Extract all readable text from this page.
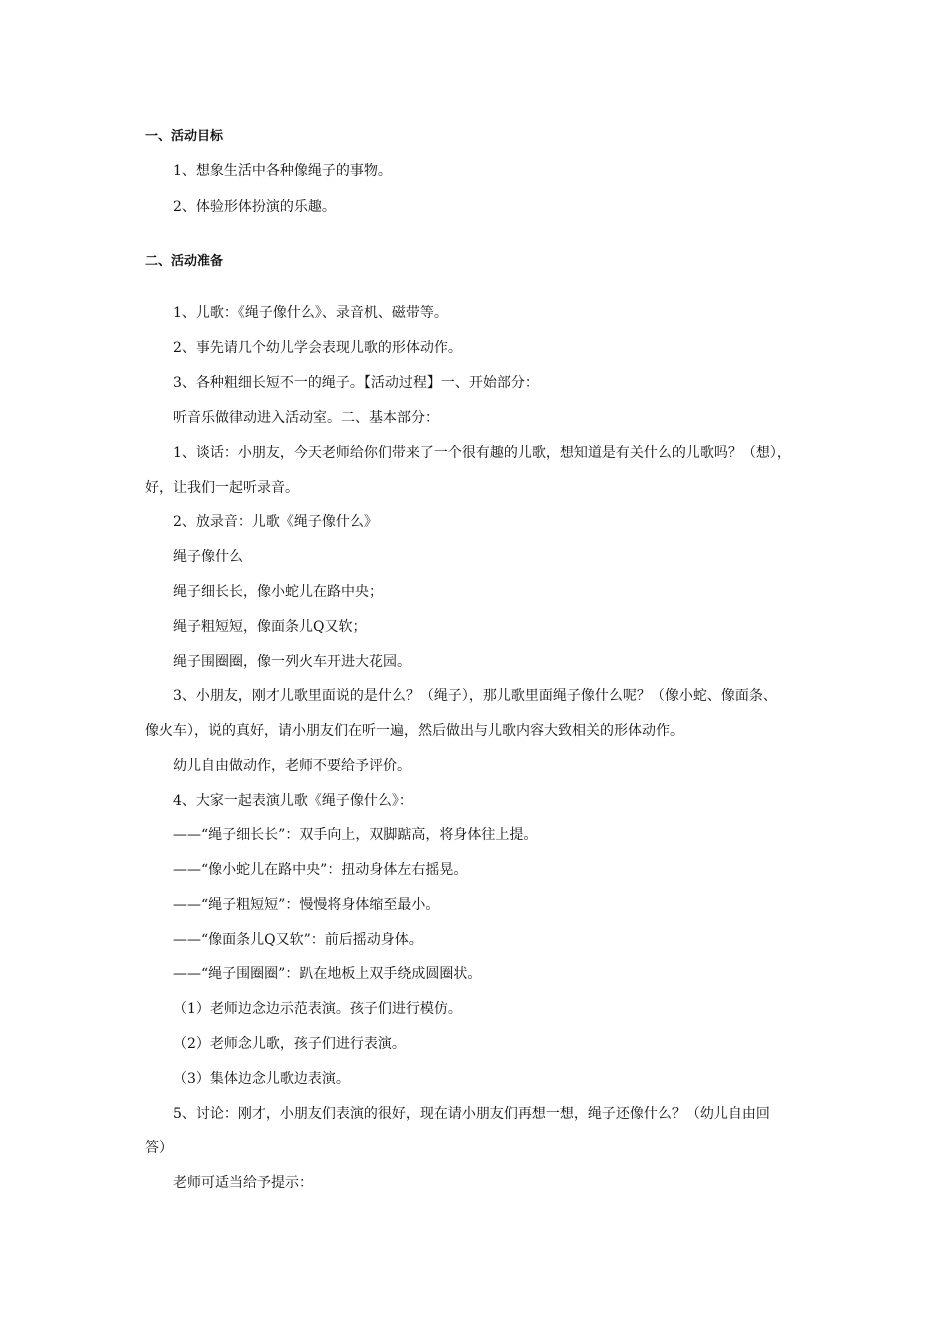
一、活动目标
1、想象生活中各种像绳子的事物。
2、体验形体扮演的乐趣。
二、活动准备
1、儿歌：《绳子像什么》、录音机、磁带等。
2、事先请几个幼儿学会表现儿歌的形体动作。
3、各种粗细长短不一的绳子。【活动过程】一、开始部分：
听音乐做律动进入活动室。二、基本部分：
1、谈话：小朋友，今天老师给你们带来了一个很有趣的儿歌，想知道是有关什么的儿歌吗？（想），
好，让我们一起听录音。
2、放录音：儿歌《绳子像什么》
绳子像什么
绳子细长长，像小蛇儿在路中央；
绳子粗短短，像面条儿Q又软；
绳子围圈圈，像一列火车开进大花园。
3、小朋友，刚才儿歌里面说的是什么？（绳子），那儿歌里面绳子像什么呢？（像小蛇、像面条、
像火车），说的真好，请小朋友们在听一遍，然后做出与儿歌内容大致相关的形体动作。
幼儿自由做动作，老师不要给予评价。
4、大家一起表演儿歌《绳子像什么》：
——“绳子细长长”：双手向上，双脚踮高，将身体往上提。
——“像小蛇儿在路中央”：扭动身体左右摇晃。
——“绳子粗短短”：慢慢将身体缩至最小。
——“像面条儿Q又软”：前后摇动身体。
——“绳子围圈圈”：趴在地板上双手绕成圆圈状。
（1）老师边念边示范表演。孩子们进行模仿。
（2）老师念儿歌，孩子们进行表演。
（3）集体边念儿歌边表演。
5、讨论：刚才，小朋友们表演的很好，现在请小朋友们再想一想，绳子还像什么？（幼儿自由回
答）
老师可适当给予提示：
